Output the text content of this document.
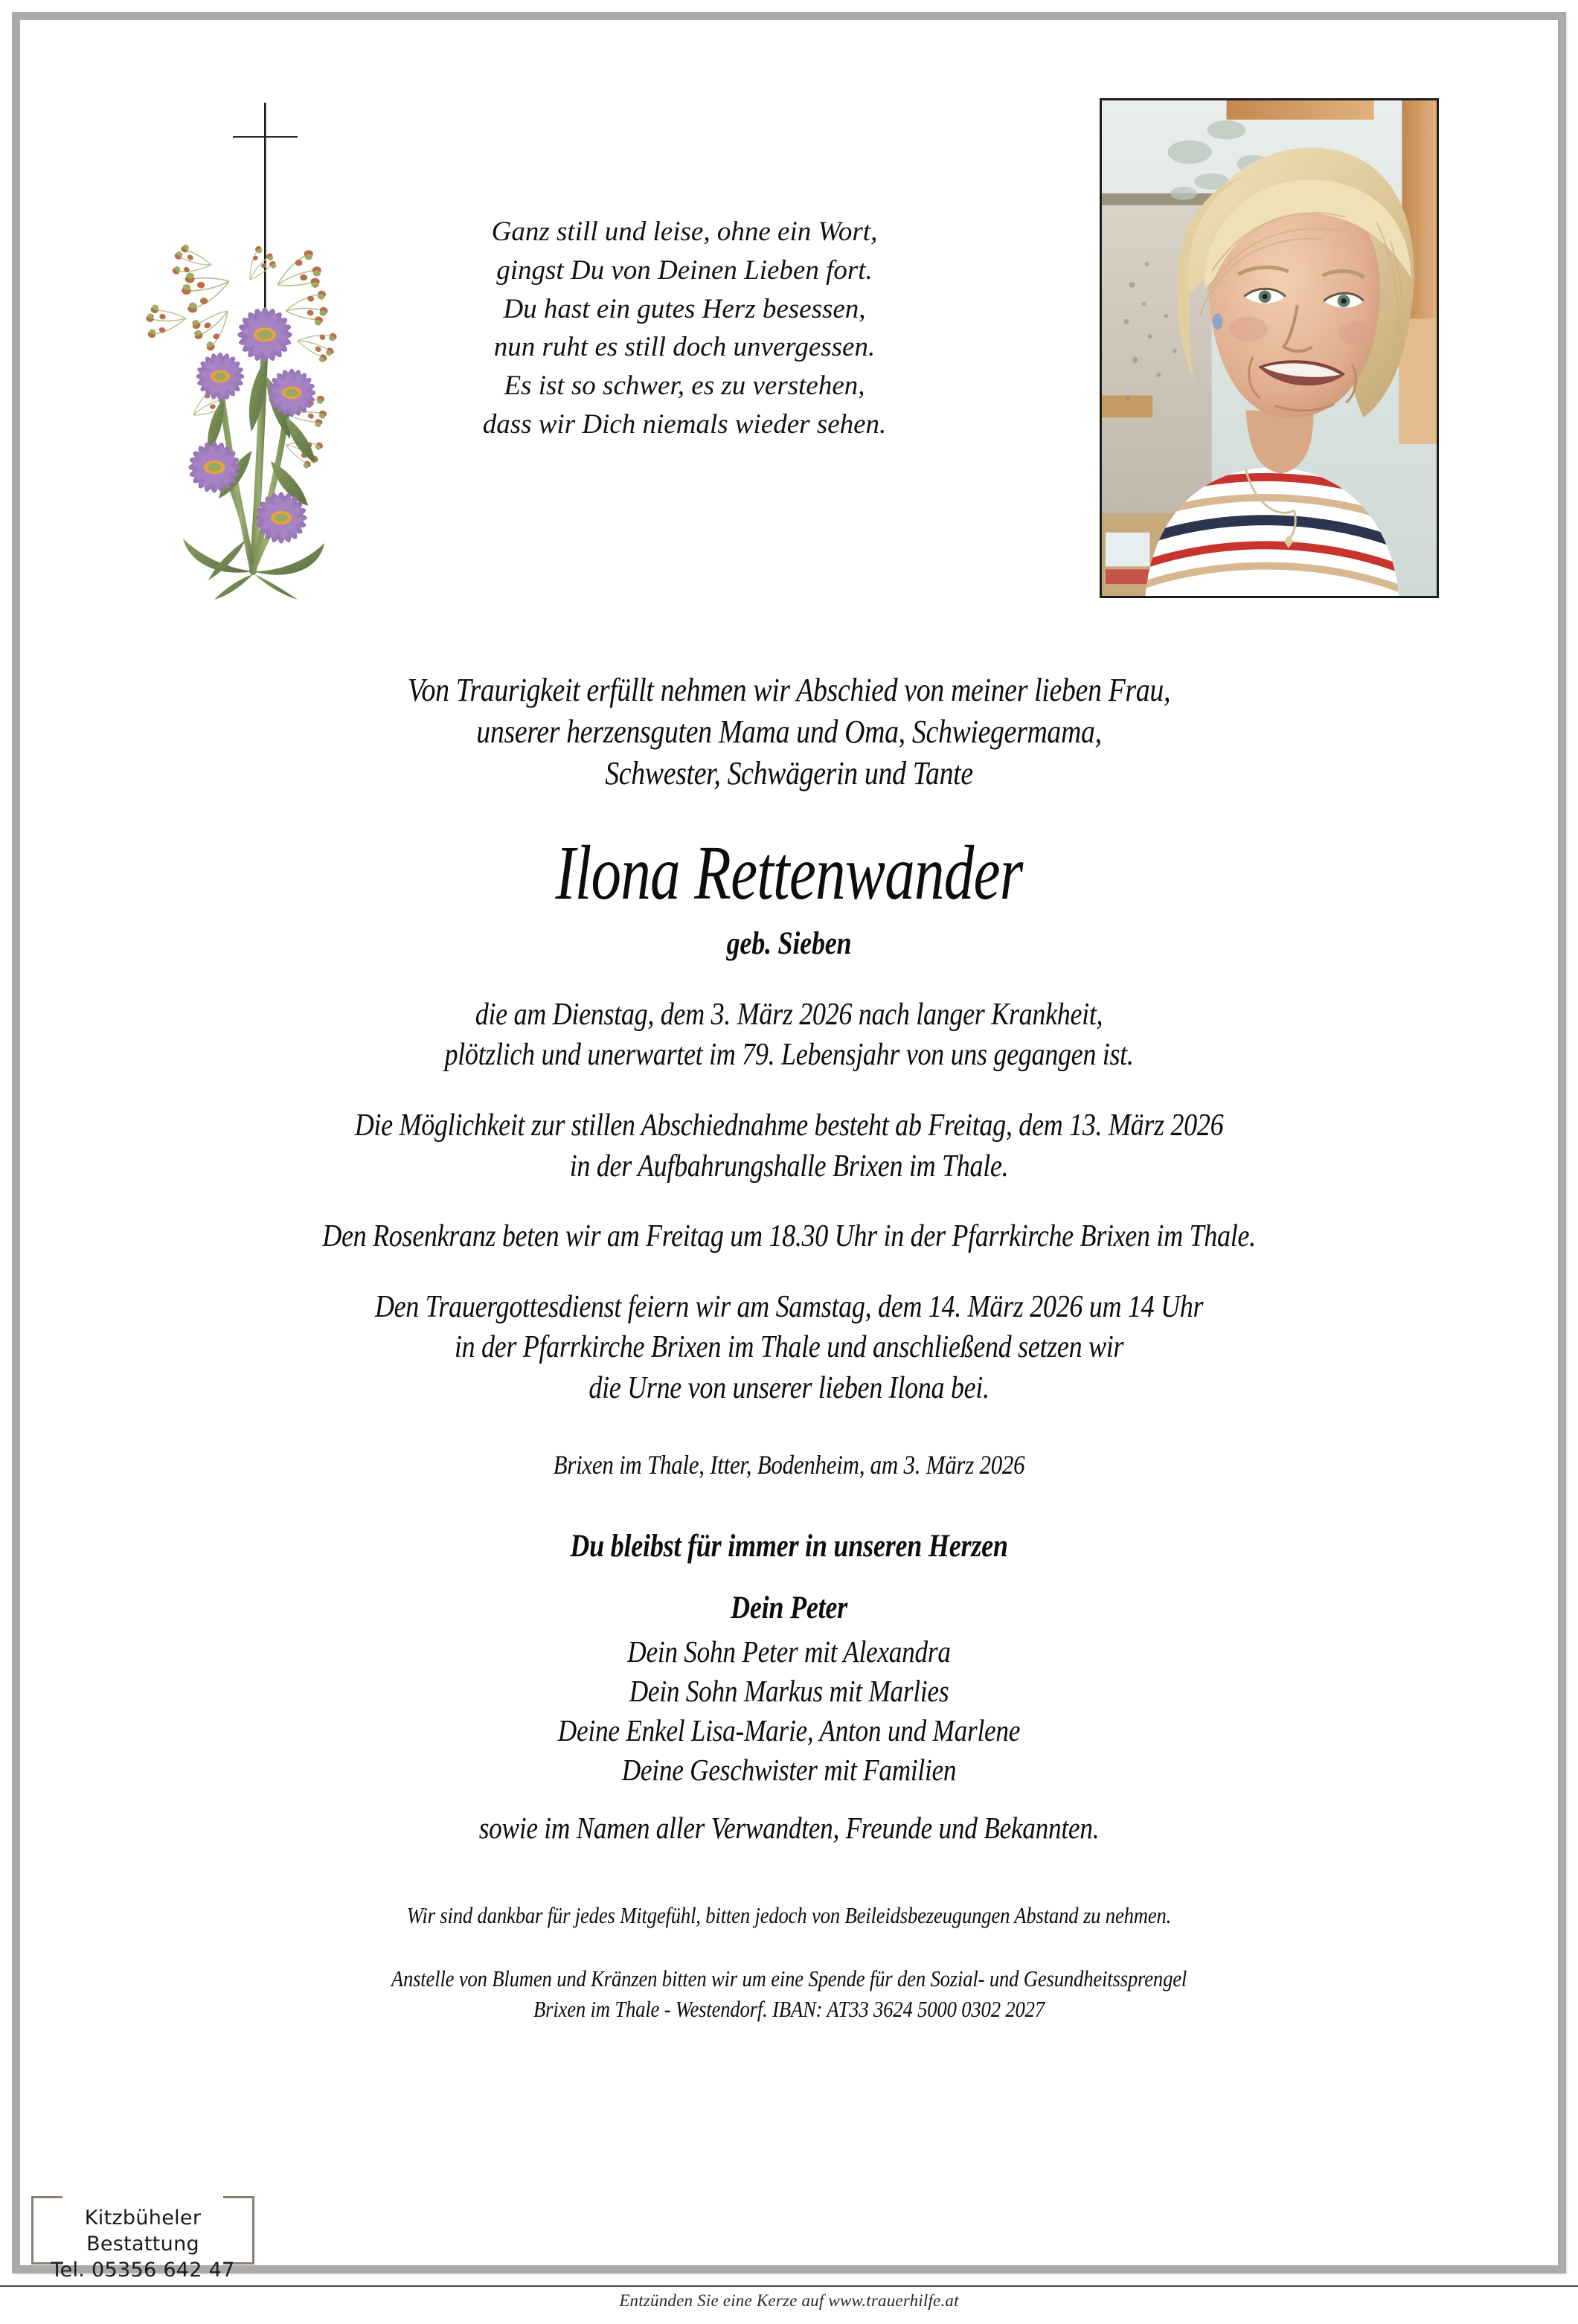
Ganz still und leise, ohne ein Wort,
gingst Du von Deinen Lieben fort.
Du hast ein gutes Herz besessen,
nun ruht es still doch unvergessen.
Es ist so schwer, es zu verstehen,
dass wir Dich niemals wieder sehen.
Von Traurigkeit erfüllt nehmen wir Abschied von meiner lieben Frau,
unserer herzensguten Mama und Oma, Schwiegermama,
Schwester, Schwägerin und Tante
Ilona Rettenwander
geb. Sieben
die am Dienstag, dem 3. März 2026 nach langer Krankheit,
plötzlich und unerwartet im 79. Lebensjahr von uns gegangen ist.
Die Möglichkeit zur stillen Abschiednahme besteht ab Freitag, dem 13. März 2026
in der Aufbahrungshalle Brixen im Thale.
Den Rosenkranz beten wir am Freitag um 18.30 Uhr in der Pfarrkirche Brixen im Thale.
Den Trauergottesdienst feiern wir am Samstag, dem 14. März 2026 um 14 Uhr
in der Pfarrkirche Brixen im Thale und anschließend setzen wir
die Urne von unserer lieben Ilona bei.
Brixen im Thale, Itter, Bodenheim, am 3. März 2026
Du bleibst für immer in unseren Herzen
Dein Peter
Dein Sohn Peter mit Alexandra
Dein Sohn Markus mit Marlies
Deine Enkel Lisa-Marie, Anton und Marlene
Deine Geschwister mit Familien
sowie im Namen aller Verwandten, Freunde und Bekannten.
Wir sind dankbar für jedes Mitgefühl, bitten jedoch von Beileidsbezeugungen Abstand zu nehmen.
Anstelle von Blumen und Kränzen bitten wir um eine Spende für den Sozial- und Gesundheitssprengel
Brixen im Thale - Westendorf. IBAN: AT33 3624 5000 0302 2027
Kitzbüheler Bestattung
Tel. 05356 642 47
Entzünden Sie eine Kerze auf www.trauerhilfe.at
